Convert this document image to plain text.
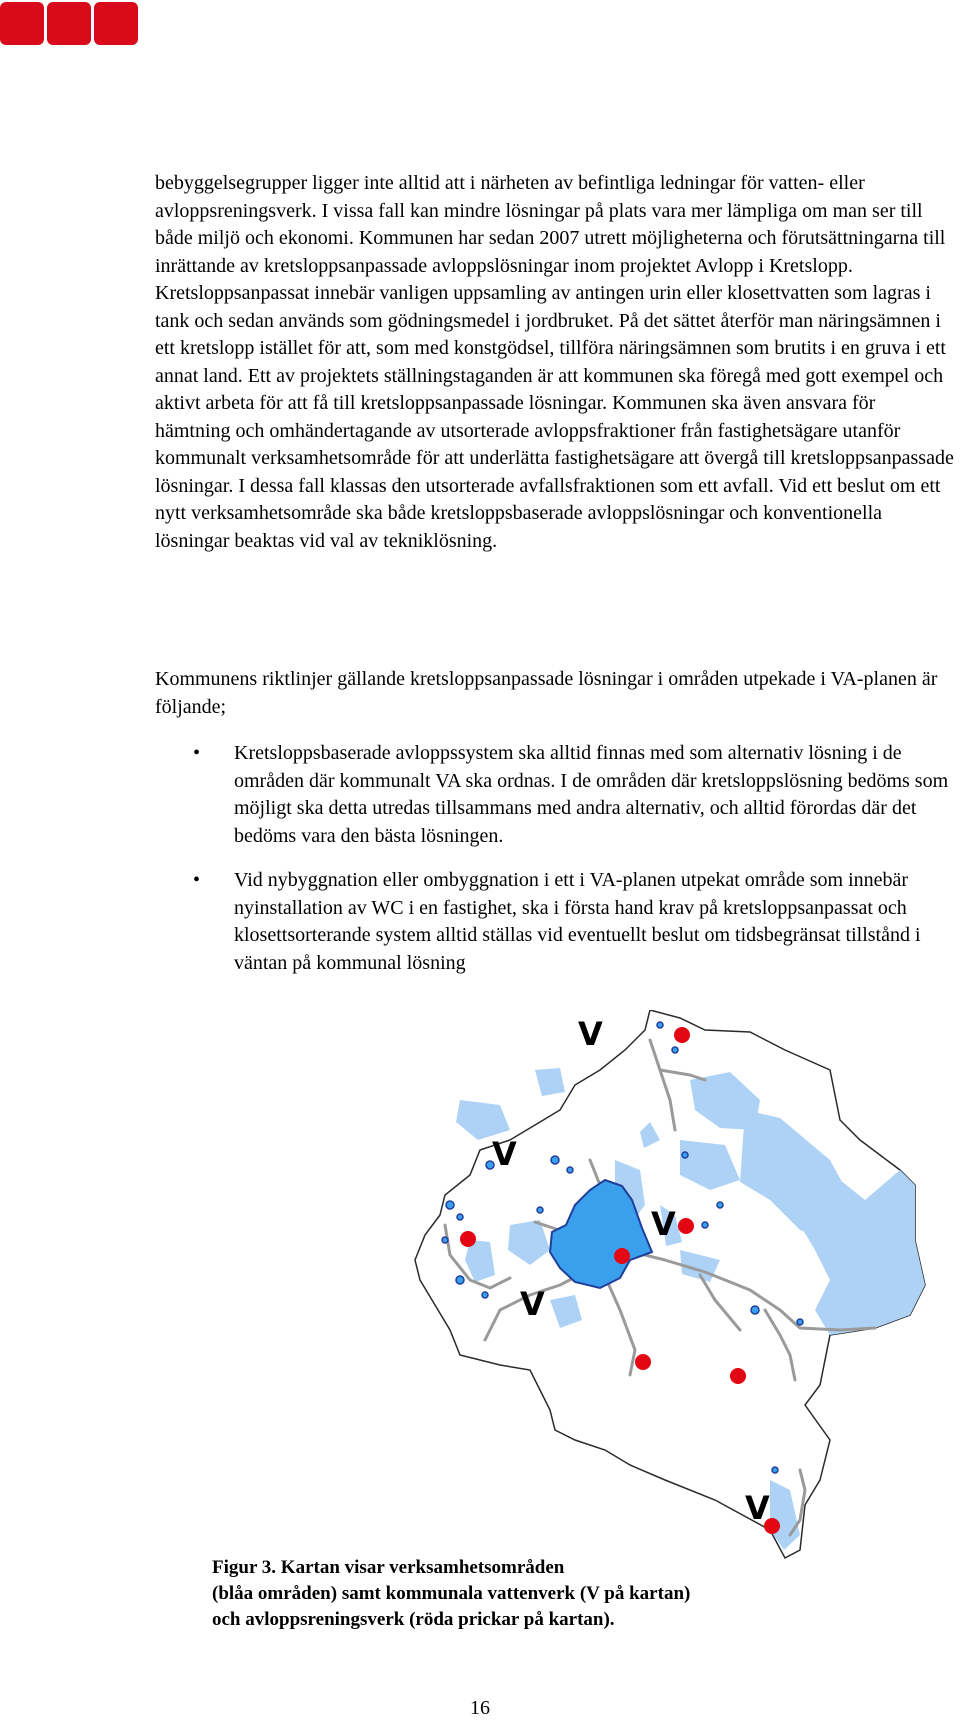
bebyggelsegrupper ligger inte alltid att i närheten av befintliga ledningar för vatten- eller avloppsreningsverk. I vissa fall kan mindre lösningar på plats vara mer lämpliga om man ser till både miljö och ekonomi. Kommunen har sedan 2007 utrett möjligheterna och förutsättningarna till inrättande av kretsloppsanpassade avloppslösningar inom projektet Avlopp i Kretslopp. Kretsloppsanpassat innebär vanligen uppsamling av antingen urin eller klosettvatten som lagras i tank och sedan används som gödningsmedel i jordbruket. På det sättet återför man näringsämnen i ett kretslopp istället för att, som med konstgödsel, tillföra näringsämnen som brutits i en gruva i ett annat land. Ett av projektets ställningstaganden är att kommunen ska föregå med gott exempel och aktivt arbeta för att få till kretsloppsanpassade lösningar. Kommunen ska även ansvara för hämtning och omhändertagande av utsorterade avloppsfraktioner från fastighetsägare utanför kommunalt verksamhetsområde för att underlätta fastighetsägare att övergå till kretsloppsanpassade lösningar. I dessa fall klassas den utsorterade avfallsfraktionen som ett avfall. Vid ett beslut om ett nytt verksamhetsområde ska både kretsloppsbaserade avloppslösningar och konventionella lösningar beaktas vid val av tekniklösning.

Kommunens riktlinjer gällande kretsloppsanpassade lösningar i områden utpekade i VA-planen är följande;

• Kretsloppsbaserade avloppssystem ska alltid finnas med som alternativ lösning i de områden där kommunalt VA ska ordnas. I de områden där kretsloppslösning bedöms som möjligt ska detta utredas tillsammans med andra alternativ, och alltid förordas där det bedöms vara den bästa lösningen.
• Vid nybyggnation eller ombyggnation i ett i VA-planen utpekat område som innebär nyinstallation av WC i en fastighet, ska i första hand krav på kretsloppsanpassat och klosettsorterande system alltid ställas vid eventuellt beslut om tidsbegränsat tillstånd i väntan på kommunal lösning
V
V
V
V
V
Figur 3. Kartan visar verksamhetsområden
(blåa områden) samt kommunala vattenverk (V på kartan)
och avloppsreningsverk (röda prickar på kartan).
16
